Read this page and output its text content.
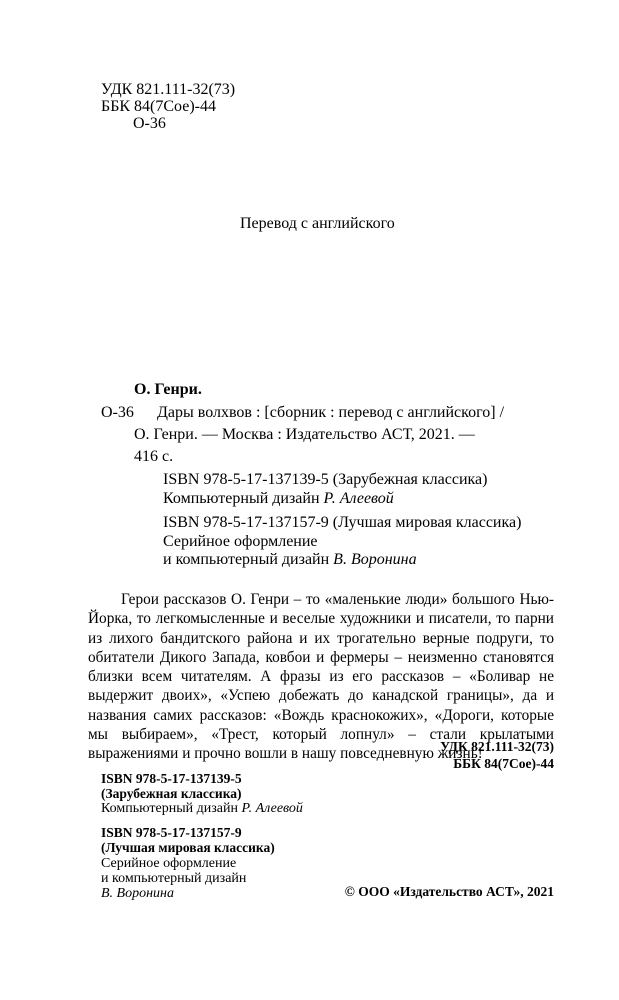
УДК 821.111-32(73)
ББК 84(7Сое)-44
О-36
Перевод с английского
О. Генри.
О-36 Дары волхвов : [сборник : перевод с английского] /
О. Генри. — Москва : Издательство АСТ, 2021. —
416 с.
ISBN 978-5-17-137139-5 (Зарубежная классика)
Компьютерный дизайн Р. Алеевой
ISBN 978-5-17-137157-9 (Лучшая мировая классика)
Серийное оформление
и компьютерный дизайн В. Воронина

Герои рассказов О. Генри – то «маленькие люди» большого Нью-Йорка, то легкомысленные и веселые художники и писатели, то парни из лихого бандитского района и их трогательно верные подруги, то обитатели Дикого Запада, ковбои и фермеры – неизменно становятся близки всем читателям. А фразы из его рассказов – «Боливар не выдержит двоих», «Успею добежать до канадской границы», да и названия самих рассказов: «Вождь краснокожих», «Дороги, которые мы выбираем», «Трест, который лопнул» – стали крылатыми выражениями и прочно вошли в нашу повседневную жизнь!

УДК 821.111-32(73)
ББК 84(7Сое)-44
ISBN 978-5-17-137139-5
(Зарубежная классика)
Компьютерный дизайн Р. Алеевой
ISBN 978-5-17-137157-9
(Лучшая мировая классика)
Серийное оформление
и компьютерный дизайн
В. Воронина	© ООО «Издательство АСТ», 2021
